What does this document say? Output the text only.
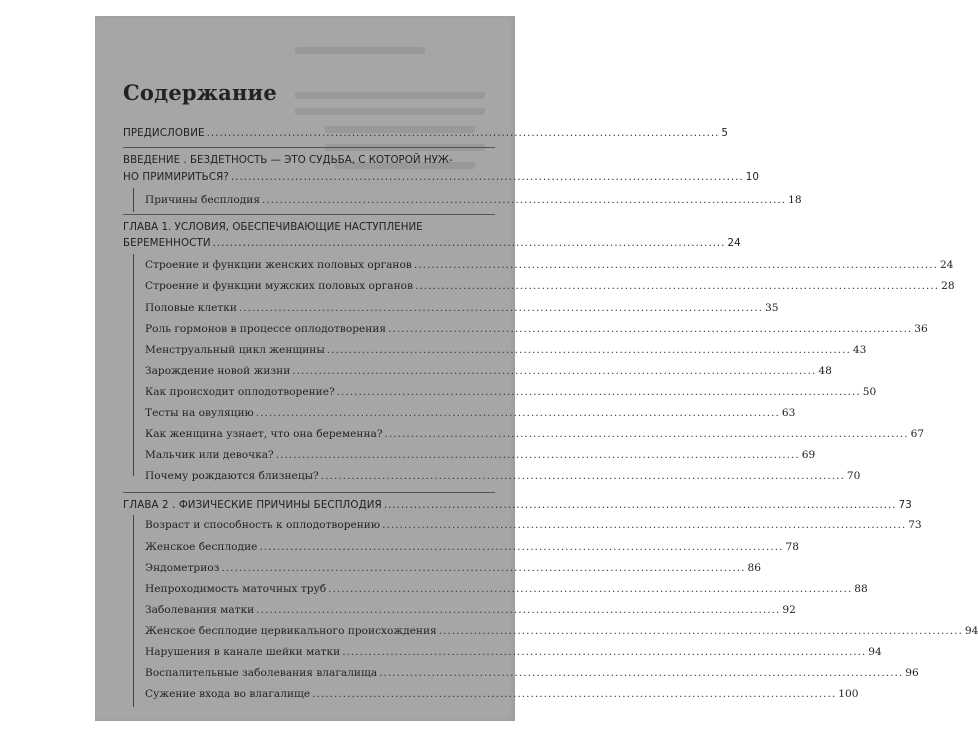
Содержание
ПРЕДИСЛОВИЕ ........................................................................................................................ 5
ВВЕДЕНИЕ . БЕЗДЕТНОСТЬ — ЭТО СУДЬБА, С КОТОРОЙ НУЖ-
НО ПРИМИРИТЬСЯ? ........................................................................................................................ 10
Причины бесплодия ........................................................................................................................ 18
ГЛАВА 1. УСЛОВИЯ, ОБЕСПЕЧИВАЮЩИЕ НАСТУПЛЕНИЕ
БЕРЕМЕННОСТИ ........................................................................................................................ 24
Строение и функции женских половых органов ........................................................................................................................ 24
Строение и функции мужских половых органов ........................................................................................................................ 28
Половые клетки ........................................................................................................................ 35
Роль гормонов в процессе оплодотворения ........................................................................................................................ 36
Менструальный цикл женщины ........................................................................................................................ 43
Зарождение новой жизни ........................................................................................................................ 48
Как происходит оплодотворение? ........................................................................................................................ 50
Тесты на овуляцию ........................................................................................................................ 63
Как женщина узнает, что она беременна? ........................................................................................................................ 67
Мальчик или девочка? ........................................................................................................................ 69
Почему рождаются близнецы? ........................................................................................................................ 70
ГЛАВА 2 . ФИЗИЧЕСКИЕ ПРИЧИНЫ БЕСПЛОДИЯ ........................................................................................................................ 73
Возраст и способность к оплодотворению ........................................................................................................................ 73
Женское бесплодие ........................................................................................................................ 78
Эндометриоз ........................................................................................................................ 86
Непроходимость маточных труб ........................................................................................................................ 88
Заболевания матки ........................................................................................................................ 92
Женское бесплодие цервикального происхождения ........................................................................................................................ 94
Нарушения в канале шейки матки ........................................................................................................................ 94
Воспалительные заболевания влагалища ........................................................................................................................ 96
Сужение входа во влагалище ........................................................................................................................ 100
